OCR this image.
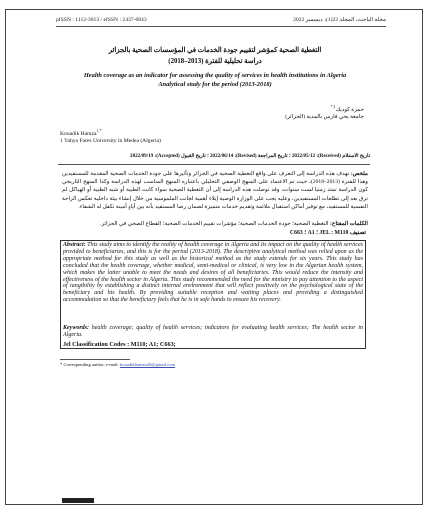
pISSN : 1112-3613 / eISSN : 2437-0843	مجلة الباحث، المجلد 22(1)، ديسمبر 2022
التغطية الصحية كمؤشر لتقييم جودة الخدمات في المؤسسات الصحية بالجزائر
دراسة تحليلية للفترة (2013–2018)
Health coverage as an indicator for assessing the quality of services in health institutions in Algeria
Analytical study for the period (2013-2018)
حمزة كوديك$^{1,*}$
جامعة يحي فارس بالمدية (الجزائر)
Kouadik Hamza$^{1,*}$
1 Yahya Fares University in Medea (Algeria)
تاريخ الاستلام (Received): 2022/05/12 ؛ تاريخ المراجعة (Revised): 2022/06/14 ؛ تاريخ القبول (Accepted): 2022/09/19
ملخص: تهدف هذه الدراسة إلى التعرف على واقع التغطية الصحية في الجزائر وتأثيرها على جودة الخدمات الصحية المقدمة للمستفيدين وهذا للفترة (2013–2018)، حيث تم الاعتماد على المنهج الوصفي التحليلي باعتباره المنهج المناسب لهذه الدراسة وكذا المنهج التاريخي كون الدراسة تمتد زمنيا لست سنوات، وقد توصلت هذه الدراسة إلى أن التغطية الصحية سواء كانت الطبية أو شبه الطبية أو الهياكل لم ترق بعد إلى تطلعات المستفيدين، وعليه يجب على الوزارة الوصية إيلاء أهمية لجانب الملموسية من خلال إنشاء بيئة داخلية تعكس الراحة النفسية للمستفيد، مع توفير أماكن استقبال ملائمة وتقديم خدمات متميزة لضمان رضا المستفيد بأنه بين أيادٍ أمينة تكفل له الشفاء.
الكلمات المفتاح: التغطية الصحية؛ جودة الخدمات الصحية؛ مؤشرات تقييم الخدمات الصحية؛ القطاع الصحي في الجزائر.
تصنيف JEL : M110 ؛ A1 ؛ C663
Abstract: This study aims to identify the reality of health coverage in Algeria and its impact on the quality of health services provided to beneficiaries, and this is for the period (2013-2018). The descriptive analytical method was relied upon as the appropriate method for this study as well as the historical method as the study extends for six years. This study has concluded that the health coverage, whether medical, semi-medical or clinical, is very low in the Algerian health system, which makes the latter unable to meet the needs and desires of all beneficiaries. This would reduce the intensity and effectiveness of the health sector in Algeria. This study recommended the need for the ministry to pay attention to the aspect of tangibility by establishing a distinct internal environment that will reflect positively on the psychological state of the beneficiary and his health. By providing suitable reception and waiting places and providing a distinguished accommodation so that the beneficiary feels that he is in safe hands to ensure his recovery.
Keywords: health coverage; quality of health services; indicators for evaluating health services; The health sector in Algeria.
Jel Classification Codes : M110; A1; C663;
* Corresponding author, e-mail: kouadikhamza20@gmail.com
